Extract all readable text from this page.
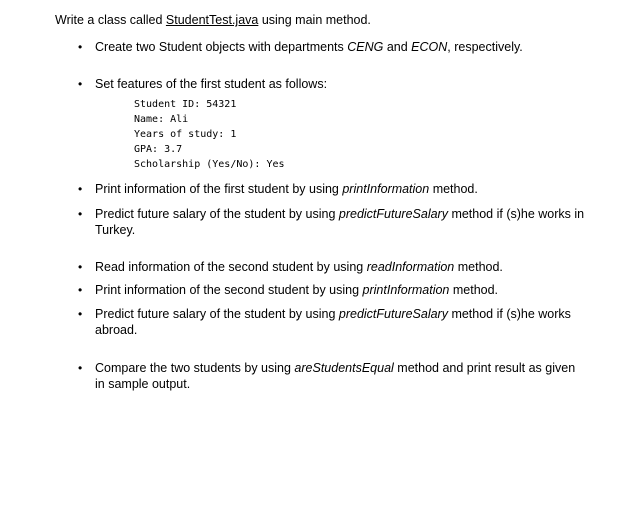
Write a class called StudentTest.java using main method.
•	Create two Student objects with departments CENG and ECON, respectively.
•	Set features of the first student as follows:
Student ID: 54321
Name: Ali
Years of study: 1
GPA: 3.7
Scholarship (Yes/No): Yes
•	Print information of the first student by using printInformation method.
•	Predict future salary of the student by using predictFutureSalary method if (s)he works in Turkey.
•	Read information of the second student by using readInformation method.
•	Print information of the second student by using printInformation method.
•	Predict future salary of the student by using predictFutureSalary method if (s)he works abroad.
•	Compare the two students by using areStudentsEqual method and print result as given in sample output.
